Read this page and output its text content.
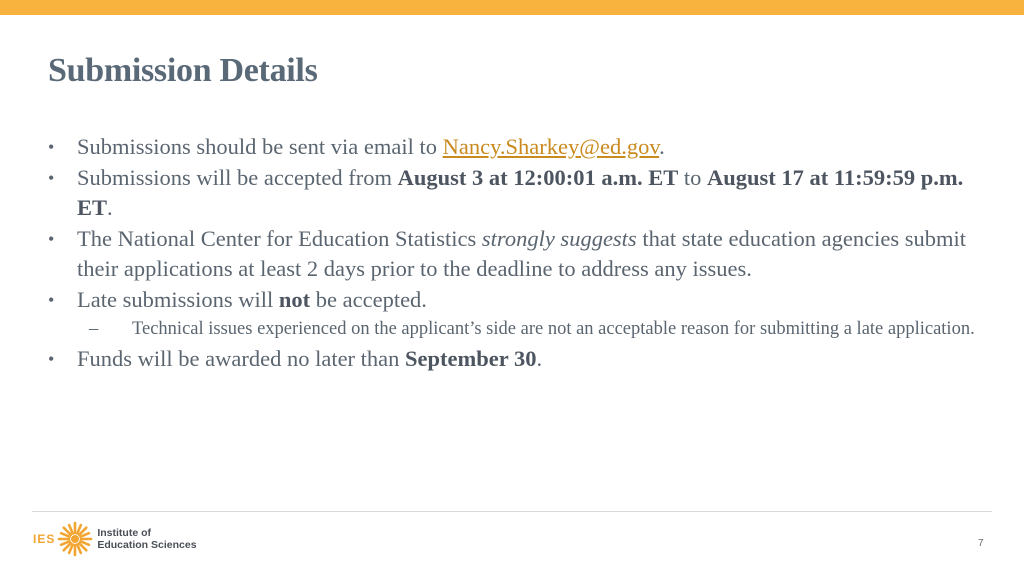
Submission Details
•	Submissions should be sent via email to Nancy.Sharkey@ed.gov.
•	Submissions will be accepted from August 3 at 12:00:01 a.m. ET to August 17 at 11:59:59 p.m. ET.
•	The National Center for Education Statistics strongly suggests that state education agencies submit their applications at least 2 days prior to the deadline to address any issues.
•	Late submissions will not be accepted.
– Technical issues experienced on the applicant’s side are not an acceptable reason for submitting a late application.
•	Funds will be awarded no later than September 30.
IES	Institute of
Education Sciences	7
